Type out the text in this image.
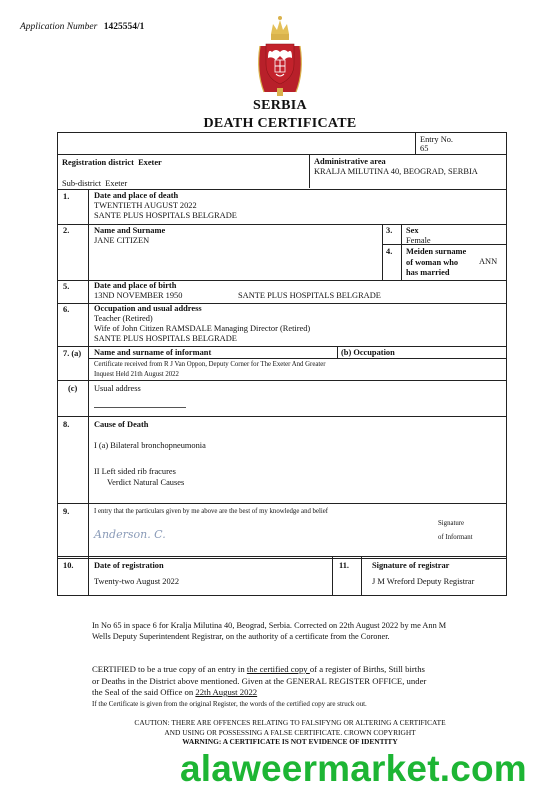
Application Number 1425554/1
SERBIA
DEATH CERTIFICATE
Entry No.
65
Registration district Exeter
Sub-district Exeter
Administrative area
KRALJA MILUTINA 40, BEOGRAD, SERBIA
1.	Date and place of death
TWENTIETH AUGUST 2022
SANTE PLUS HOSPITALS BELGRADE
2.	Name and Surname
JANE CITIZEN
3. Sex
Female
4. Meiden surname
of woman who
has married
ANN
5.	Date and place of birth
13ND NOVEMBER 1950	SANTE PLUS HOSPITALS BELGRADE
6.	Occupation and usual address
Teacher (Retired)
Wife of John Citizen RAMSDALE Managing Director (Retired)
SANTE PLUS HOSPITALS BELGRADE
7. (a) Name and surname of informant	(b) Occupation
Certificate received from R J Van Oppon, Deputy Corner for The Exeter And Greater
Inquest Held 21th August 2022
(c) Usual address
8.	Cause of Death
I (a) Bilateral bronchopneumonia
II Left sided rib fracures
Verdict Natural Causes
9.	I entry that the particulars given by me above are the best of my knowledge and belief
Signature
of Informant
10. Date of registration
Twenty-two August 2022
11.	Signature of registrar
J M Wreford Deputy Registrar
Anderson. C.
In No 65 in space 6 for Kralja Milutina 40, Beograd, Serbia. Corrected on 22th August 2022 by me Ann M
Wells Deputy Superintendent Registrar, on the authority of a certificate from the Coroner.
CERTIFIED to be a true copy of an entry in the certified copy of a register of Births, Still births
or Deaths in the District above mentioned. Given at the GENERAL REGISTER OFFICE, under
the Seal of the said Office on 22th August 2022
If the Certificate is given from the original Register, the words of the certified copy are struck out.
CAUTION: THERE ARE OFFENCES RELATING TO FALSIFYNG OR ALTERING A CERTIFICATE
AND USING OR POSSESSING A FALSE CERTIFICATE. CROWN COPYRIGHT
WARNING: A CERTIFICATE IS NOT EVIDENCE OF IDENTITY
alaweermarket.com
